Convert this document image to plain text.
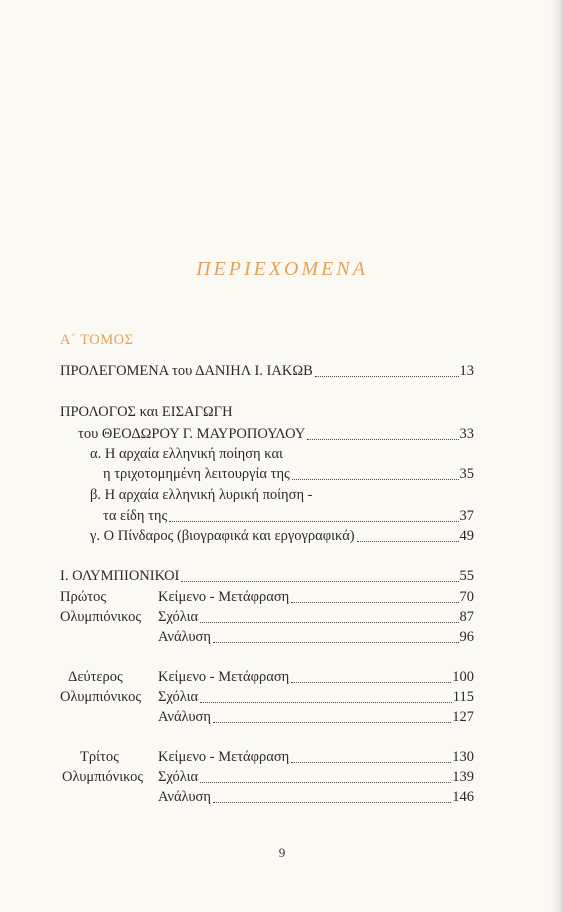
ΠΕΡΙΕΧΟΜΕΝΑ
Α΄ ΤΟΜΟΣ
ΠΡΟΛΕΓΟΜΕΝΑ του ΔΑΝΙΗΛ Ι. ΙΑΚΩΒ	13
ΠΡΟΛΟΓΟΣ και ΕΙΣΑΓΩΓΗ
του ΘΕΟΔΩΡΟΥ Γ. ΜΑΥΡΟΠΟΥΛΟΥ	33
α. Η αρχαία ελληνική ποίηση και
η τριχοτομημένη λειτουργία της	35
β. Η αρχαία ελληνική λυρική ποίηση -
τα είδη της	37
γ. Ο Πίνδαρος (βιογραφικά και εργογραφικά)	49
Ι. ΟΛΥΜΠΙΟΝΙΚΟΙ	55
Πρώτος
Ολυμπιόνικος
Κείμενο - Μετάφραση	70
Σχόλια	87
Ανάλυση	96
Δεύτερος
Ολυμπιόνικος
Κείμενο - Μετάφραση	100
Σχόλια	115
Ανάλυση	127
Τρίτος
Ολυμπιόνικος
Κείμενο - Μετάφραση	130
Σχόλια	139
Ανάλυση	146
9
